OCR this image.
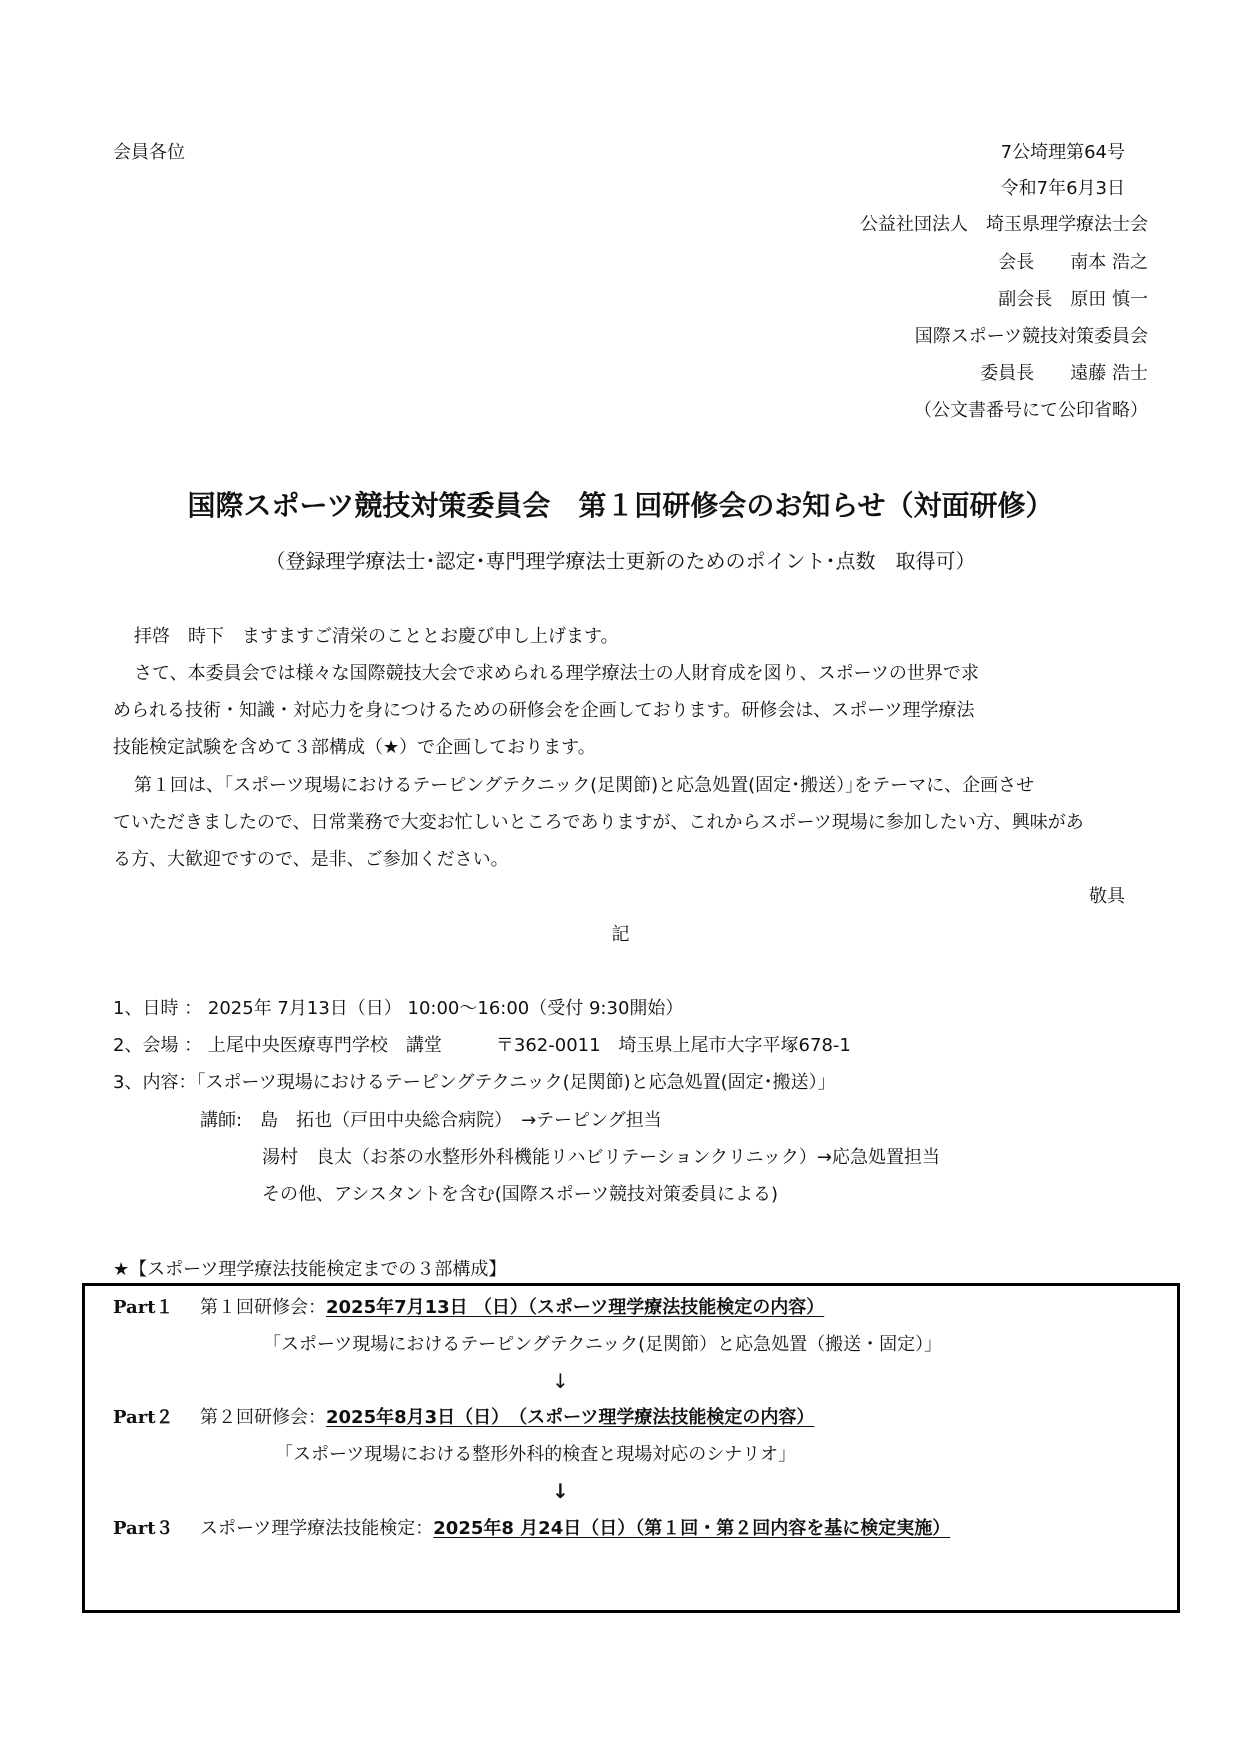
会員各位	7公埼理第64号
令和7年6月3日
公益社団法人　埼玉県理学療法士会
会長　　南本 浩之
副会長　原田 慎一
国際スポーツ競技対策委員会
委員長　　遠藤 浩士
（公文書番号にて公印省略）
国際スポーツ競技対策委員会　第１回研修会のお知らせ（対面研修）
（登録理学療法士･認定･専門理学療法士更新のためのポイント･点数　取得可）
拝啓　時下　ますますご清栄のこととお慶び申し上げます。
さて、本委員会では様々な国際競技大会で求められる理学療法士の人財育成を図り、スポーツの世界で求
められる技術・知識・対応力を身につけるための研修会を企画しております。研修会は、スポーツ理学療法
技能検定試験を含めて３部構成（★）で企画しております。
第１回は、｢スポーツ現場におけるテーピングテクニック(足関節)と応急処置(固定･搬送）｣をテーマに、企画させ
ていただきましたので、日常業務で大変お忙しいところでありますが、これからスポーツ現場に参加したい方、興味があ
る方、大歓迎ですので、是非、ご参加ください。
敬具
記
1、日時 ： 2025年 7月13日（日） 10:00～16:00（受付 9:30開始）
2、会場 ： 上尾中央医療専門学校　講堂　　　〒362-0011　埼玉県上尾市大字平塚678-1
3、内容：｢スポーツ現場におけるテーピングテクニック(足関節)と応急処置(固定･搬送）｣
講師:　島　拓也（戸田中央総合病院）　→テーピング担当
湯村　良太（お茶の水整形外科機能リハビリテーションクリニック）→応急処置担当
その他、アシスタントを含む(国際スポーツ競技対策委員による)
★【スポーツ理学療法技能検定までの３部構成】
Part１ 第１回研修会：2025年7月13日 （日）（スポーツ理学療法技能検定の内容）
｢スポーツ現場におけるテーピングテクニック(足関節）と応急処置（搬送・固定）｣
↓
Part２ 第２回研修会：2025年8月3日（日）　（スポーツ理学療法技能検定の内容）
｢スポーツ現場における整形外科的検査と現場対応のシナリオ｣
↓
Part３ スポーツ理学療法技能検定：2025年8 月24日（日）（第１回・第２回内容を基に検定実施）
